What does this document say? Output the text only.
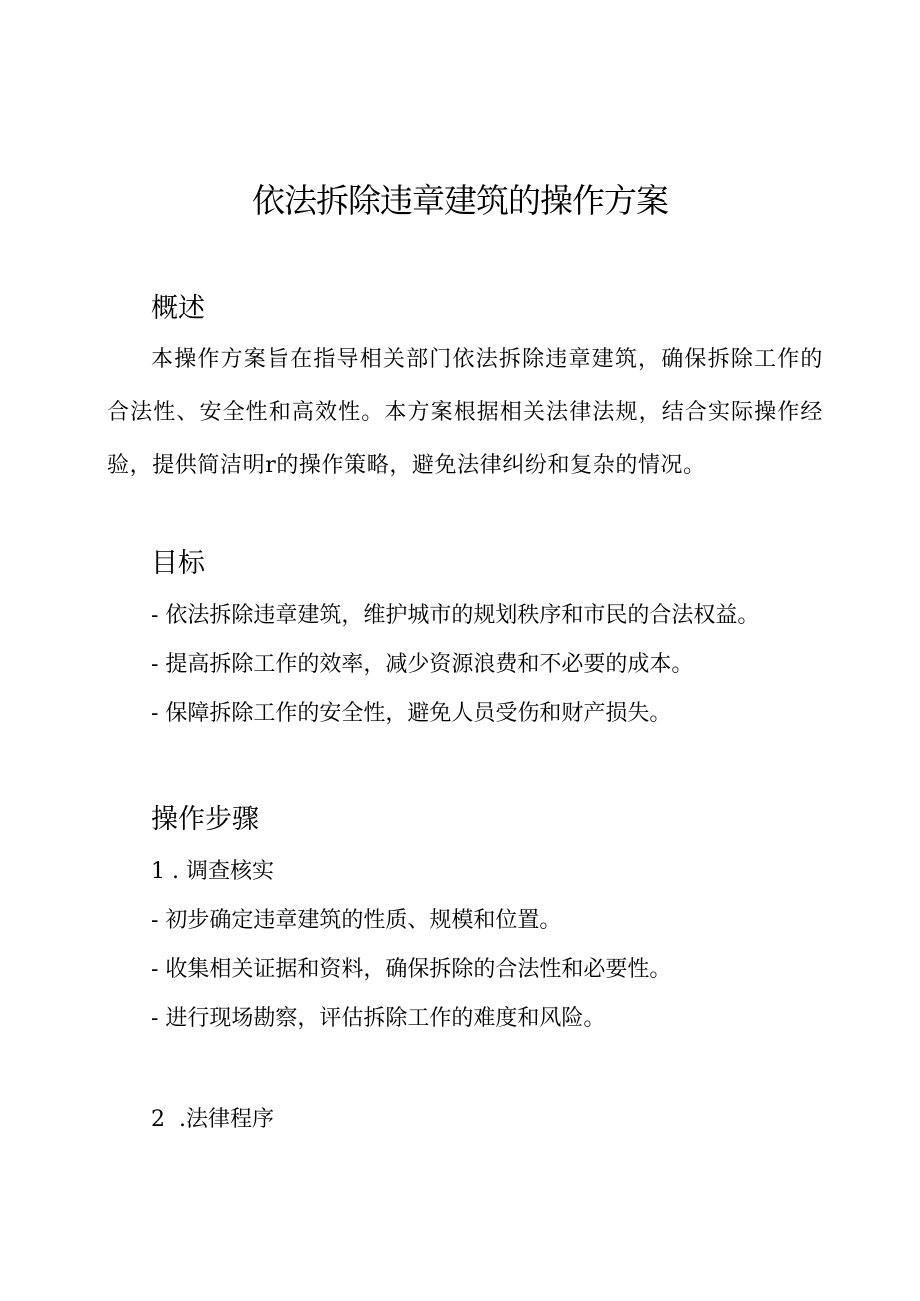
依法拆除违章建筑的操作方案
概述

本操作方案旨在指导相关部门依法拆除违章建筑，确保拆除工作的合法性、安全性和高效性。本方案根据相关法律法规，结合实际操作经验，提供简洁明r的操作策略，避免法律纠纷和复杂的情况。

目标

- 依法拆除违章建筑，维护城市的规划秩序和市民的合法权益。

- 提高拆除工作的效率，减少资源浪费和不必要的成本。

- 保障拆除工作的安全性，避免人员受伤和财产损失。

操作步骤

1 . 调查核实

- 初步确定违章建筑的性质、规模和位置。

- 收集相关证据和资料，确保拆除的合法性和必要性。

- 进行现场勘察，评估拆除工作的难度和风险。

2  .法律程序
